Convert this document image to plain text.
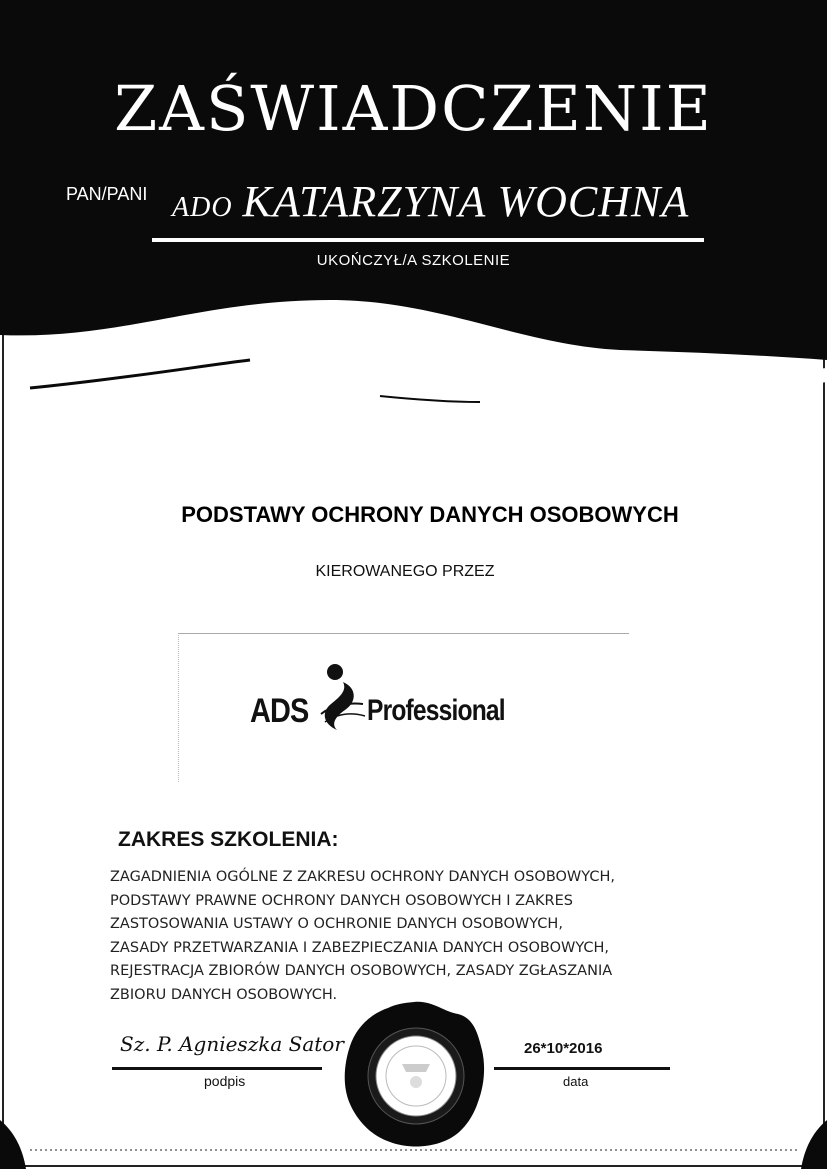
ZAŚWIADCZENIE
PAN/PANI ADO KATARZYNA WOCHNA
UKOŃCZYŁ/A SZKOLENIE
PODSTAWY OCHRONY DANYCH OSOBOWYCH
KIEROWANEGO PRZEZ
ADS Professional
ZAKRES SZKOLENIA:
ZAGADNIENIA OGÓLNE Z ZAKRESU OCHRONY DANYCH OSOBOWYCH,
PODSTAWY PRAWNE OCHRONY DANYCH OSOBOWYCH I ZAKRES
ZASTOSOWANIA USTAWY O OCHRONIE DANYCH OSOBOWYCH,
ZASADY PRZETWARZANIA I ZABEZPIECZANIA DANYCH OSOBOWYCH,
REJESTRACJA ZBIORÓW DANYCH OSOBOWYCH, ZASADY ZGŁASZANIA
ZBIORU DANYCH OSOBOWYCH.
Sz. P. Agnieszka Sator
podpis
26*10*2016
data
